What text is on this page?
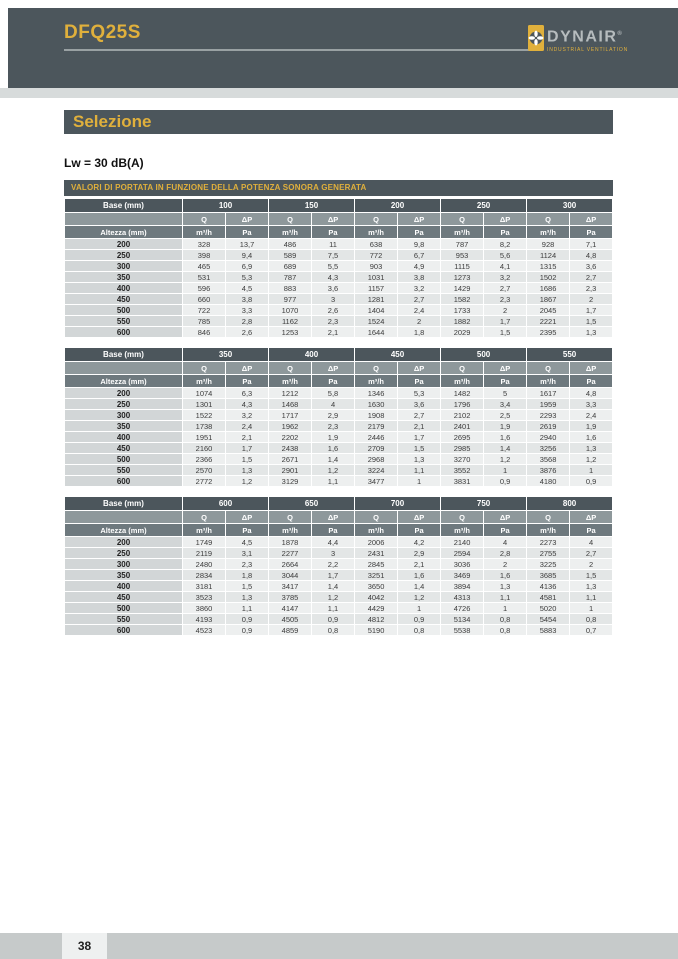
DFQ25S	DYNAIR®
INDUSTRIAL VENTILATION
Selezione
Lw = 30 dB(A)
VALORI DI PORTATA IN FUNZIONE DELLA POTENZA SONORA GENERATA
Base (mm)	100		150		200		250		300	
	Q	ΔP	Q	ΔP	Q	ΔP	Q	ΔP	Q	ΔP
Altezza (mm)	m³/h	Pa	m³/h	Pa	m³/h	Pa	m³/h	Pa	m³/h	Pa
200	328	13,7	486	11	638	9,8	787	8,2	928	7,1
250	398	9,4	589	7,5	772	6,7	953	5,6	1124	4,8
300	465	6,9	689	5,5	903	4,9	1115	4,1	1315	3,6
350	531	5,3	787	4,3	1031	3,8	1273	3,2	1502	2,7
400	596	4,5	883	3,6	1157	3,2	1429	2,7	1686	2,3
450	660	3,8	977	3	1281	2,7	1582	2,3	1867	2
500	722	3,3	1070	2,6	1404	2,4	1733	2	2045	1,7
550	785	2,8	1162	2,3	1524	2	1882	1,7	2221	1,5
600	846	2,6	1253	2,1	1644	1,8	2029	1,5	2395	1,3
Base (mm)	350		400		450		500		550	
	Q	ΔP	Q	ΔP	Q	ΔP	Q	ΔP	Q	ΔP
Altezza (mm)	m³/h	Pa	m³/h	Pa	m³/h	Pa	m³/h	Pa	m³/h	Pa
200	1074	6,3	1212	5,8	1346	5,3	1482	5	1617	4,8
250	1301	4,3	1468	4	1630	3,6	1796	3,4	1959	3,3
300	1522	3,2	1717	2,9	1908	2,7	2102	2,5	2293	2,4
350	1738	2,4	1962	2,3	2179	2,1	2401	1,9	2619	1,9
400	1951	2,1	2202	1,9	2446	1,7	2695	1,6	2940	1,6
450	2160	1,7	2438	1,6	2709	1,5	2985	1,4	3256	1,3
500	2366	1,5	2671	1,4	2968	1,3	3270	1,2	3568	1,2
550	2570	1,3	2901	1,2	3224	1,1	3552	1	3876	1
600	2772	1,2	3129	1,1	3477	1	3831	0,9	4180	0,9
Base (mm)	600		650		700		750		800	
	Q	ΔP	Q	ΔP	Q	ΔP	Q	ΔP	Q	ΔP
Altezza (mm)	m³/h	Pa	m³/h	Pa	m³/h	Pa	m³/h	Pa	m³/h	Pa
200	1749	4,5	1878	4,4	2006	4,2	2140	4	2273	4
250	2119	3,1	2277	3	2431	2,9	2594	2,8	2755	2,7
300	2480	2,3	2664	2,2	2845	2,1	3036	2	3225	2
350	2834	1,8	3044	1,7	3251	1,6	3469	1,6	3685	1,5
400	3181	1,5	3417	1,4	3650	1,4	3894	1,3	4136	1,3
450	3523	1,3	3785	1,2	4042	1,2	4313	1,1	4581	1,1
500	3860	1,1	4147	1,1	4429	1	4726	1	5020	1
550	4193	0,9	4505	0,9	4812	0,9	5134	0,8	5454	0,8
600	4523	0,9	4859	0,8	5190	0,8	5538	0,8	5883	0,7
38
